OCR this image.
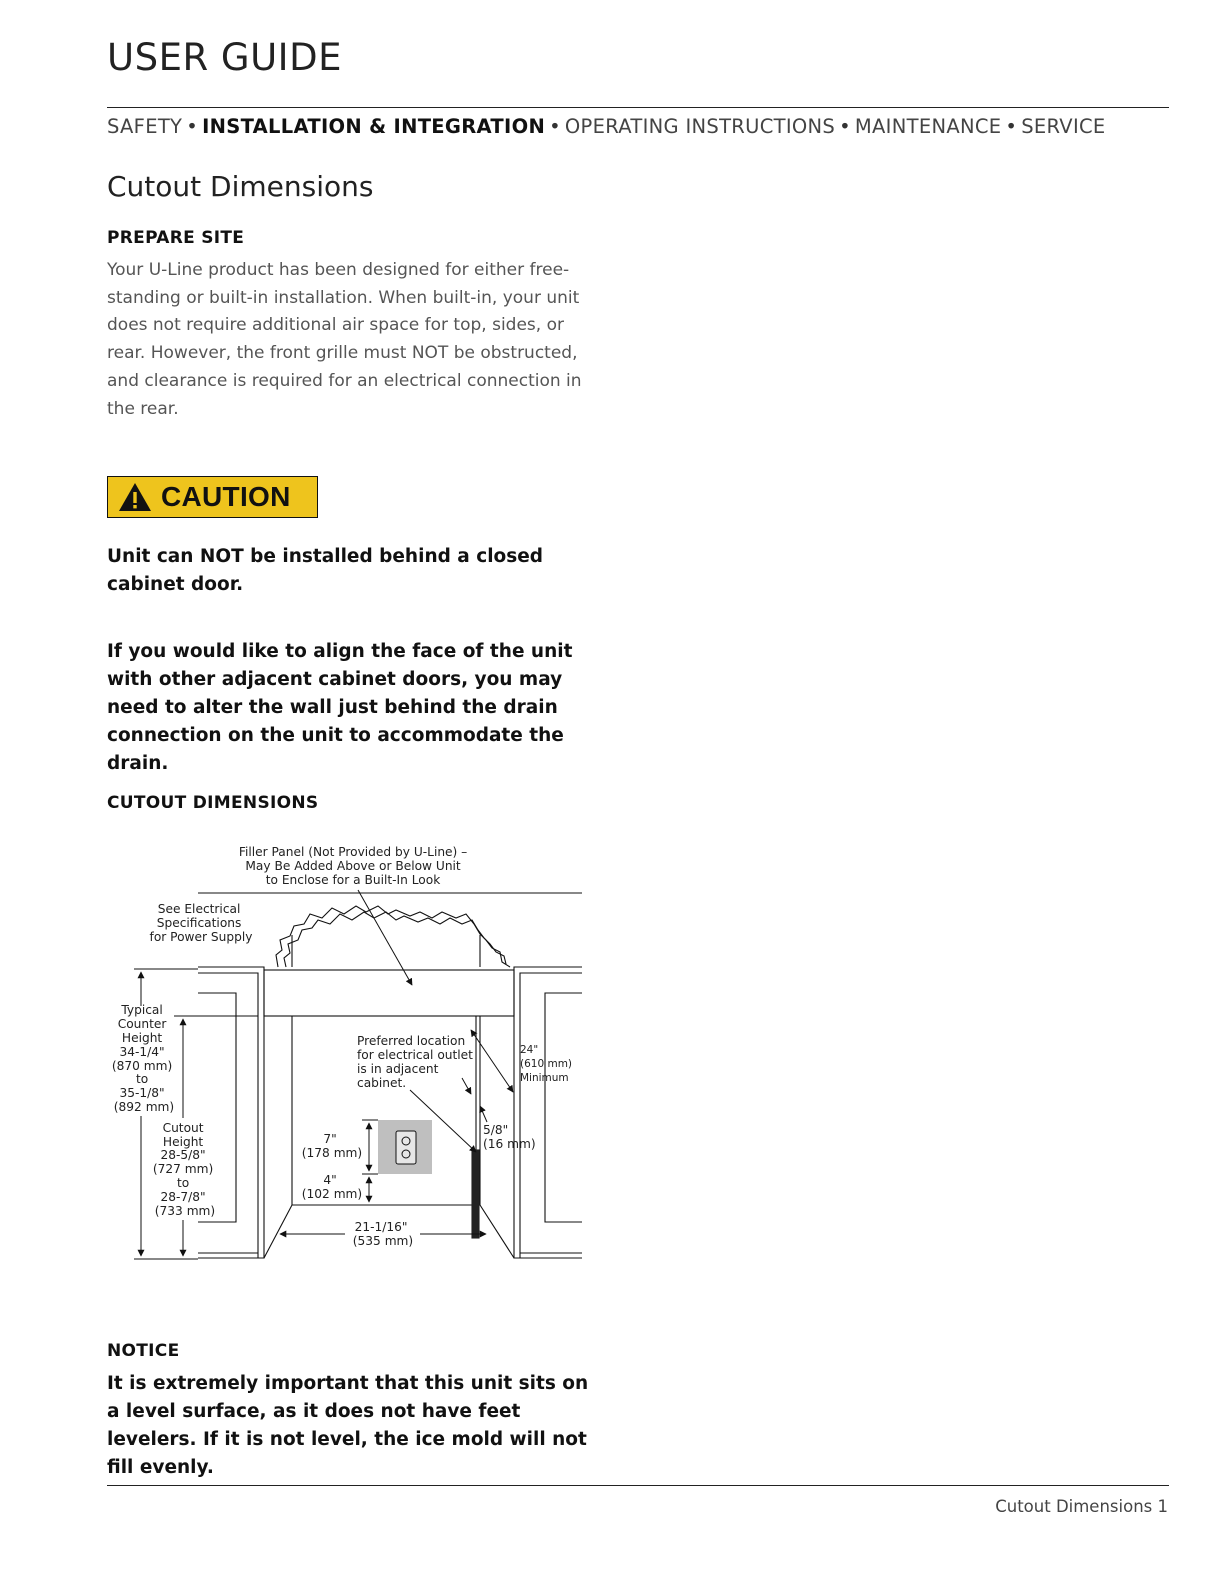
USER GUIDE
SAFETY • INSTALLATION & INTEGRATION • OPERATING INSTRUCTIONS • MAINTENANCE • SERVICE
Cutout Dimensions
PREPARE SITE
Your U-Line product has been designed for either free-standing or built-in installation. When built-in, your unit does not require additional air space for top, sides, or rear. However, the front grille must NOT be obstructed, and clearance is required for an electrical connection in the rear.
CAUTION
Unit can NOT be installed behind a closed cabinet door.
If you would like to align the face of the unit with other adjacent cabinet doors, you may need to alter the wall just behind the drain connection on the unit to accommodate the drain.
CUTOUT DIMENSIONS
Filler Panel (Not Provided by U-Line) – May Be Added Above or Below Unit to Enclose for a Built-In Look
See Electrical Specifications for Power Supply
Typical Counter Height 34-1/4" (870 mm) to 35-1/8" (892 mm)
Cutout Height 28-5/8" (727 mm) to 28-7/8" (733 mm)
Preferred location for electrical outlet is in adjacent cabinet.
24" (610 mm) Minimum
5/8" (16 mm)
7" (178 mm)
4" (102 mm)
21-1/16" (535 mm)
NOTICE
It is extremely important that this unit sits on a level surface, as it does not have feet levelers. If it is not level, the ice mold will not fill evenly.
Cutout Dimensions 1
